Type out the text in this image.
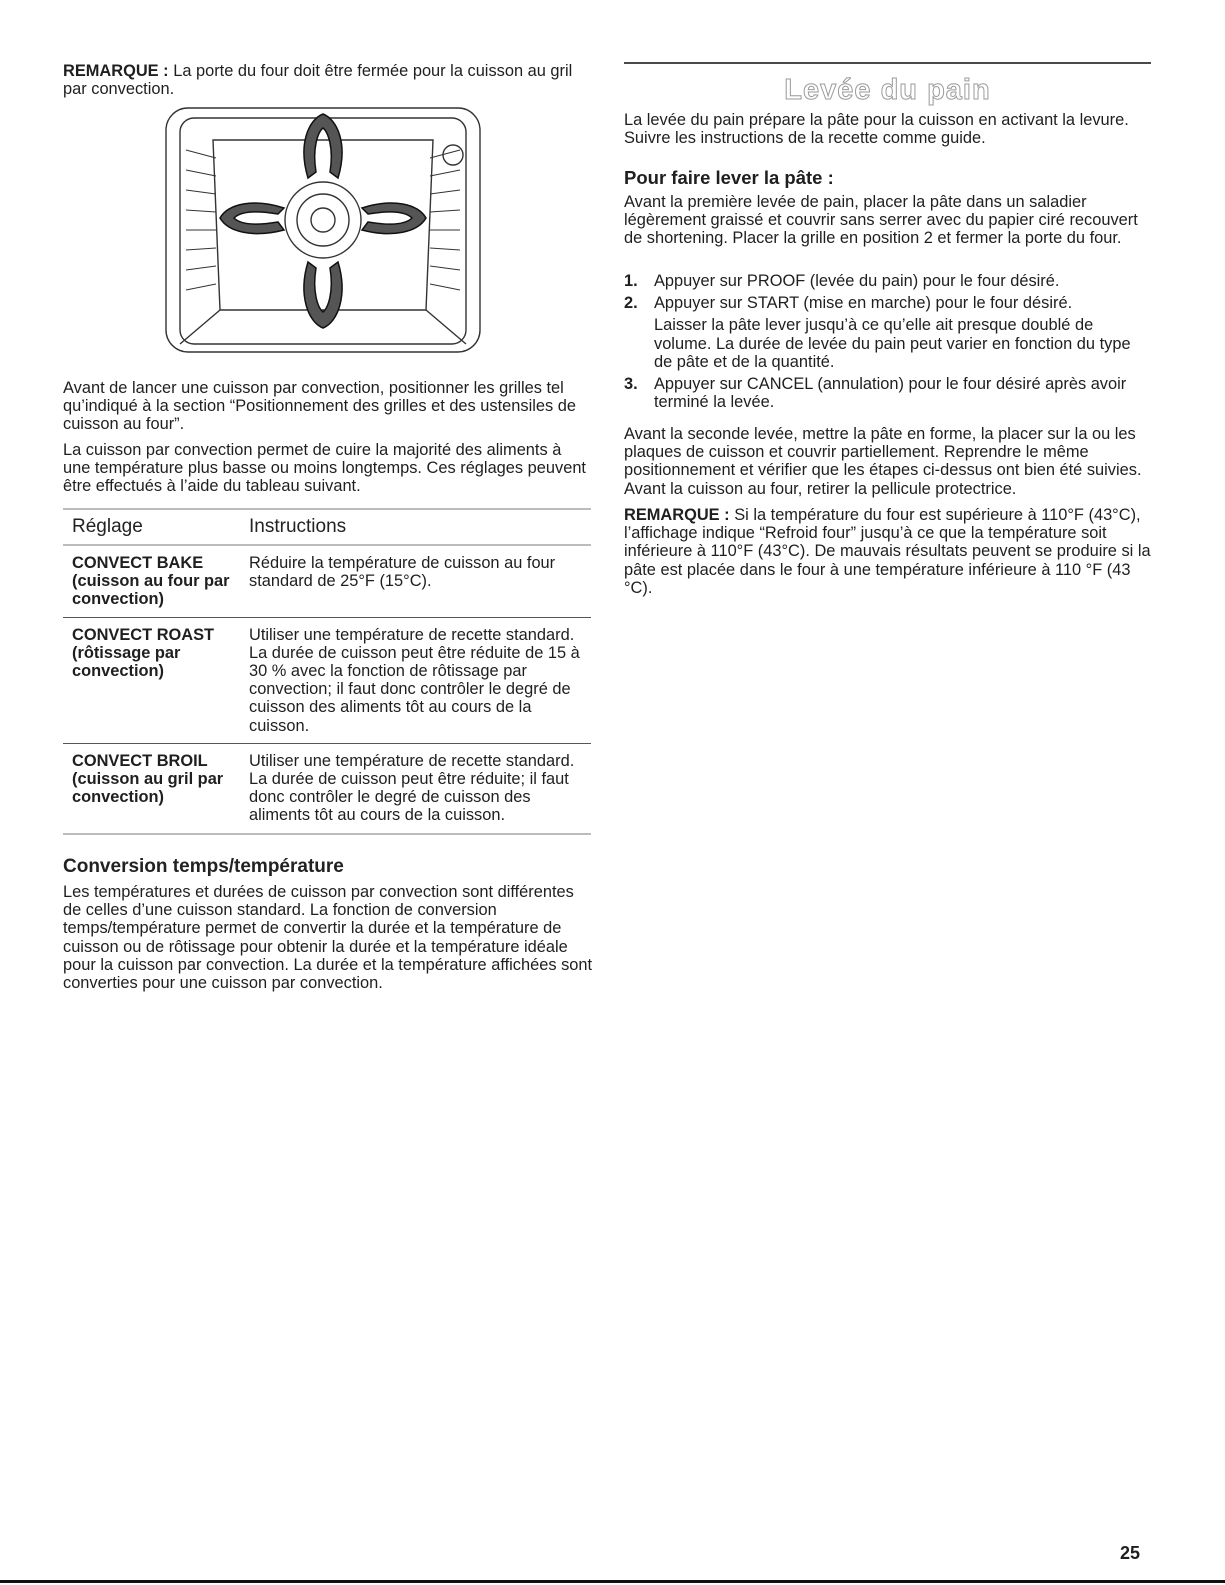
REMARQUE : La porte du four doit être fermée pour la cuisson au gril par convection.

Avant de lancer une cuisson par convection, positionner les grilles tel qu’indiqué à la section “Positionnement des grilles et des ustensiles de cuisson au four”.

La cuisson par convection permet de cuire la majorité des aliments à une température plus basse ou moins longtemps. Ces réglages peuvent être effectués à l’aide du tableau suivant.

Réglage	Instructions
CONVECT BAKE (cuisson au four par convection)	Réduire la température de cuisson au four standard de 25°F (15°C).
CONVECT ROAST (rôtissage par convection)	Utiliser une température de recette standard. La durée de cuisson peut être réduite de 15 à 30 % avec la fonction de rôtissage par convection; il faut donc contrôler le degré de cuisson des aliments tôt au cours de la cuisson.
CONVECT BROIL (cuisson au gril par convection)	Utiliser une température de recette standard. La durée de cuisson peut être réduite; il faut donc contrôler le degré de cuisson des aliments tôt au cours de la cuisson.
Conversion temps/température

Les températures et durées de cuisson par convection sont différentes de celles d’une cuisson standard. La fonction de conversion temps/température permet de convertir la durée et la température de cuisson ou de rôtissage pour obtenir la durée et la température idéale pour la cuisson par convection. La durée et la température affichées sont converties pour une cuisson par convection.

Levée du pain

La levée du pain prépare la pâte pour la cuisson en activant la levure. Suivre les instructions de la recette comme guide.

Pour faire lever la pâte :

Avant la première levée de pain, placer la pâte dans un saladier légèrement graissé et couvrir sans serrer avec du papier ciré recouvert de shortening. Placer la grille en position 2 et fermer la porte du four.

1. Appuyer sur PROOF (levée du pain) pour le four désiré.
2. Appuyer sur START (mise en marche) pour le four désiré.

Laisser la pâte lever jusqu’à ce qu’elle ait presque doublé de volume. La durée de levée du pain peut varier en fonction du type de pâte et de la quantité.

3. Appuyer sur CANCEL (annulation) pour le four désiré après avoir terminé la levée.

Avant la seconde levée, mettre la pâte en forme, la placer sur la ou les plaques de cuisson et couvrir partiellement. Reprendre le même positionnement et vérifier que les étapes ci-dessus ont bien été suivies. Avant la cuisson au four, retirer la pellicule protectrice.

REMARQUE : Si la température du four est supérieure à 110°F (43°C), l’affichage indique “Refroid four” jusqu’à ce que la température soit inférieure à 110°F (43°C). De mauvais résultats peuvent se produire si la pâte est placée dans le four à une température inférieure à 110 °F (43 °C).

25
